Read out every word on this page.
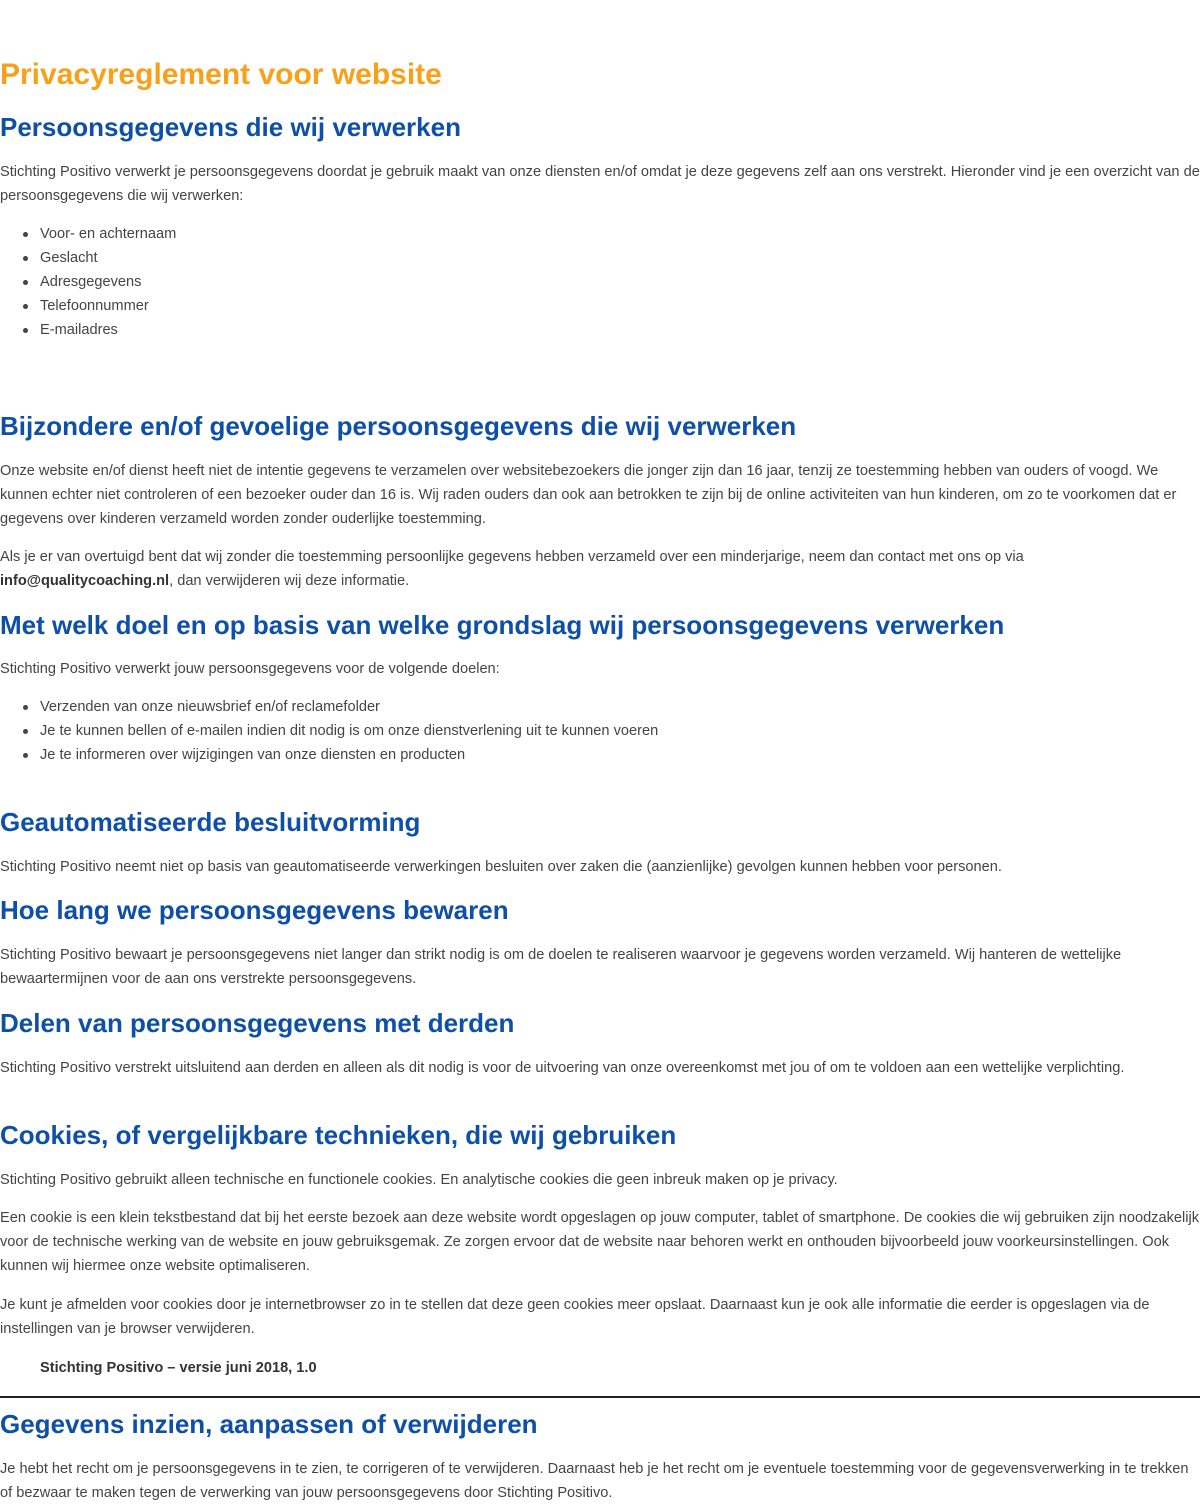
Privacyreglement voor website
Persoonsgegevens die wij verwerken

Stichting Positivo verwerkt je persoonsgegevens doordat je gebruik maakt van onze diensten en/of omdat je deze gegevens zelf aan ons verstrekt. Hieronder vind je een overzicht van de persoonsgegevens die wij verwerken:

Voor- en achternaam
Geslacht
Adresgegevens
Telefoonnummer
E-mailadres
Bijzondere en/of gevoelige persoonsgegevens die wij verwerken

Onze website en/of dienst heeft niet de intentie gegevens te verzamelen over websitebezoekers die jonger zijn dan 16 jaar, tenzij ze toestemming hebben van ouders of voogd. We kunnen echter niet controleren of een bezoeker ouder dan 16 is. Wij raden ouders dan ook aan betrokken te zijn bij de online activiteiten van hun kinderen, om zo te voorkomen dat er gegevens over kinderen verzameld worden zonder ouderlijke toestemming.

Als je er van overtuigd bent dat wij zonder die toestemming persoonlijke gegevens hebben verzameld over een minderjarige, neem dan contact met ons op via info@qualitycoaching.nl, dan verwijderen wij deze informatie.

Met welk doel en op basis van welke grondslag wij persoonsgegevens verwerken

Stichting Positivo verwerkt jouw persoonsgegevens voor de volgende doelen:

Verzenden van onze nieuwsbrief en/of reclamefolder
Je te kunnen bellen of e-mailen indien dit nodig is om onze dienstverlening uit te kunnen voeren
Je te informeren over wijzigingen van onze diensten en producten
Geautomatiseerde besluitvorming

Stichting Positivo neemt niet op basis van geautomatiseerde verwerkingen besluiten over zaken die (aanzienlijke) gevolgen kunnen hebben voor personen.

Hoe lang we persoonsgegevens bewaren

Stichting Positivo bewaart je persoonsgegevens niet langer dan strikt nodig is om de doelen te realiseren waarvoor je gegevens worden verzameld. Wij hanteren de wettelijke bewaartermijnen voor de aan ons verstrekte persoonsgegevens.

Delen van persoonsgegevens met derden

Stichting Positivo verstrekt uitsluitend aan derden en alleen als dit nodig is voor de uitvoering van onze overeenkomst met jou of om te voldoen aan een wettelijke verplichting.

Cookies, of vergelijkbare technieken, die wij gebruiken

Stichting Positivo gebruikt alleen technische en functionele cookies. En analytische cookies die geen inbreuk maken op je privacy.

Een cookie is een klein tekstbestand dat bij het eerste bezoek aan deze website wordt opgeslagen op jouw computer, tablet of smartphone. De cookies die wij gebruiken zijn noodzakelijk voor de technische werking van de website en jouw gebruiksgemak. Ze zorgen ervoor dat de website naar behoren werkt en onthouden bijvoorbeeld jouw voorkeursinstellingen. Ook kunnen wij hiermee onze website optimaliseren.

Je kunt je afmelden voor cookies door je internetbrowser zo in te stellen dat deze geen cookies meer opslaat. Daarnaast kun je ook alle informatie die eerder is opgeslagen via de instellingen van je browser verwijderen.

Stichting Positivo – versie juni 2018, 1.0
Gegevens inzien, aanpassen of verwijderen

Je hebt het recht om je persoonsgegevens in te zien, te corrigeren of te verwijderen. Daarnaast heb je het recht om je eventuele toestemming voor de gegevensverwerking in te trekken of bezwaar te maken tegen de verwerking van jouw persoonsgegevens door Stichting Positivo.
